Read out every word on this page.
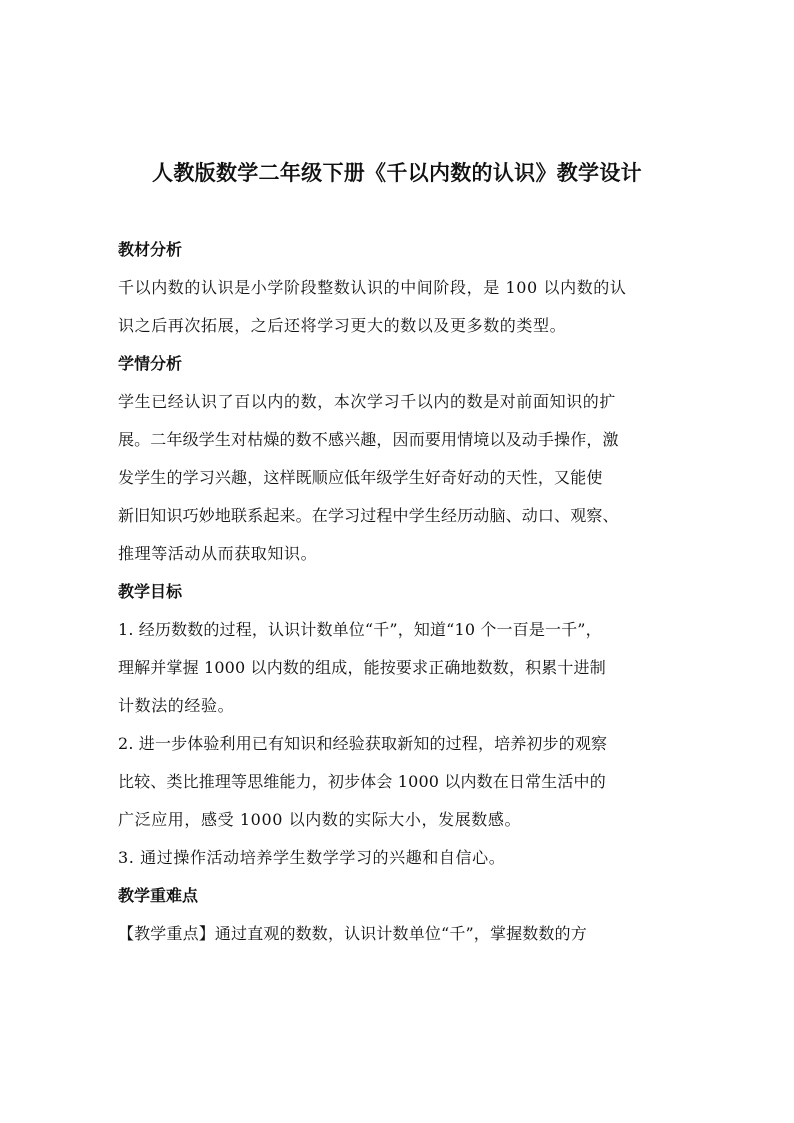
人教版数学二年级下册《千以内数的认识》教学设计
教材分析
千以内数的认识是小学阶段整数认识的中间阶段，是 100 以内数的认
识之后再次拓展，之后还将学习更大的数以及更多数的类型。
学情分析
学生已经认识了百以内的数，本次学习千以内的数是对前面知识的扩
展。二年级学生对枯燥的数不感兴趣，因而要用情境以及动手操作，激
发学生的学习兴趣，这样既顺应低年级学生好奇好动的天性，又能使
新旧知识巧妙地联系起来。在学习过程中学生经历动脑、动口、观察、
推理等活动从而获取知识。
教学目标
1. 经历数数的过程，认识计数单位“千”，知道“10 个一百是一千”，
理解并掌握 1000 以内数的组成，能按要求正确地数数，积累十进制
计数法的经验。
2. 进一步体验利用已有知识和经验获取新知的过程，培养初步的观察
比较、类比推理等思维能力，初步体会 1000 以内数在日常生活中的
广泛应用，感受 1000 以内数的实际大小，发展数感。
3. 通过操作活动培养学生数学学习的兴趣和自信心。
教学重难点
【教学重点】通过直观的数数，认识计数单位“千”，掌握数数的方
